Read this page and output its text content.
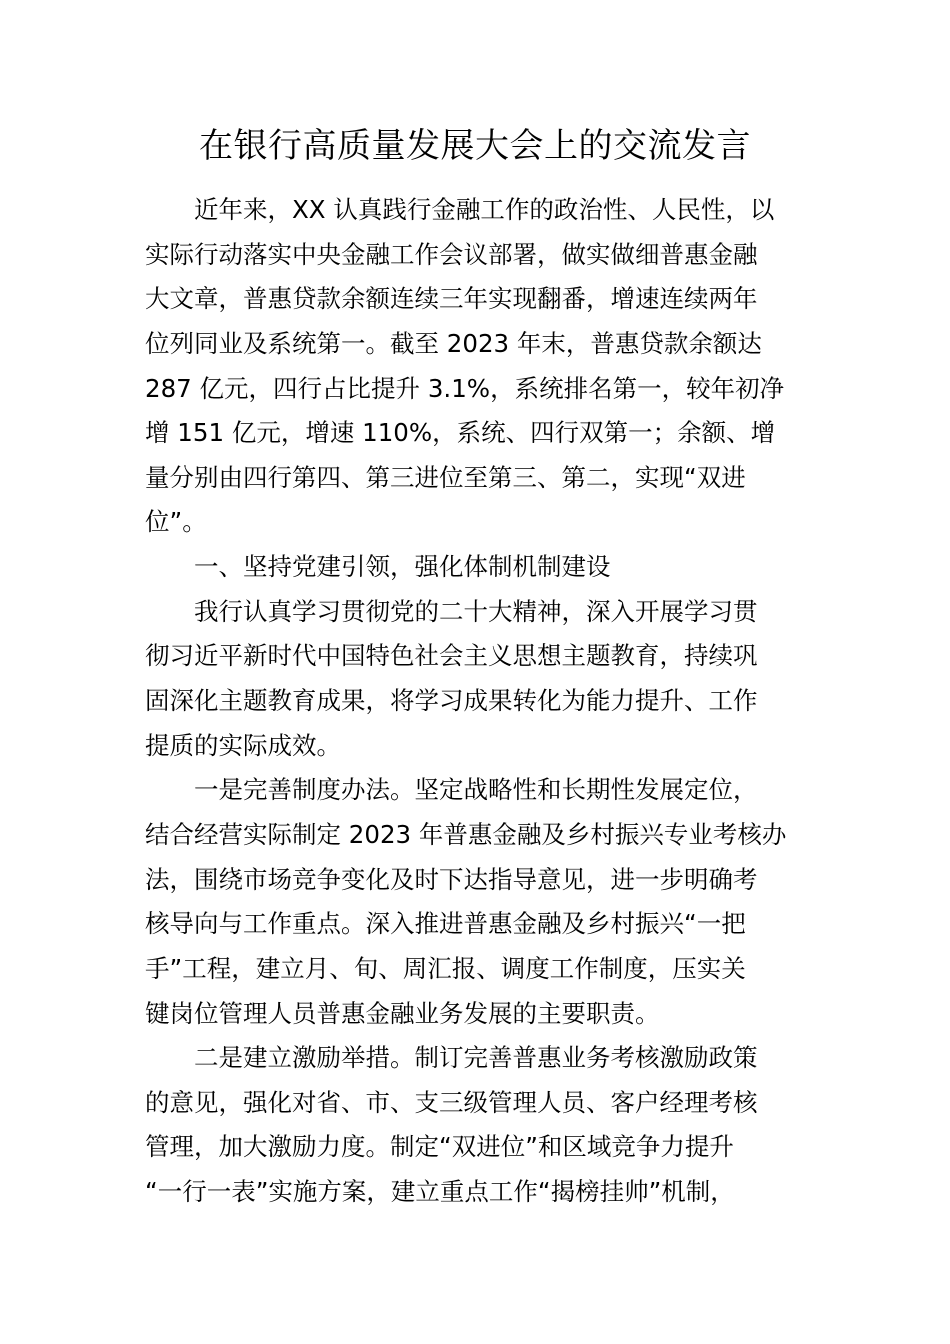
在银行高质量发展大会上的交流发言
近年来，XX 认真践行金融工作的政治性、人民性，以
实际行动落实中央金融工作会议部署，做实做细普惠金融
大文章，普惠贷款余额连续三年实现翻番，增速连续两年
位列同业及系统第一。截至 2023 年末，普惠贷款余额达
287 亿元，四行占比提升 3.1%，系统排名第一，较年初净
增 151 亿元，增速 110%，系统、四行双第一；余额、增
量分别由四行第四、第三进位至第三、第二，实现“双进
位”。
一、坚持党建引领，强化体制机制建设
我行认真学习贯彻党的二十大精神，深入开展学习贯
彻习近平新时代中国特色社会主义思想主题教育，持续巩
固深化主题教育成果，将学习成果转化为能力提升、工作
提质的实际成效。
一是完善制度办法。坚定战略性和长期性发展定位，
结合经营实际制定 2023 年普惠金融及乡村振兴专业考核办
法，围绕市场竞争变化及时下达指导意见，进一步明确考
核导向与工作重点。深入推进普惠金融及乡村振兴“一把
手”工程，建立月、旬、周汇报、调度工作制度，压实关
键岗位管理人员普惠金融业务发展的主要职责。
二是建立激励举措。制订完善普惠业务考核激励政策
的意见，强化对省、市、支三级管理人员、客户经理考核
管理，加大激励力度。制定“双进位”和区域竞争力提升
“一行一表”实施方案，建立重点工作“揭榜挂帅”机制，
